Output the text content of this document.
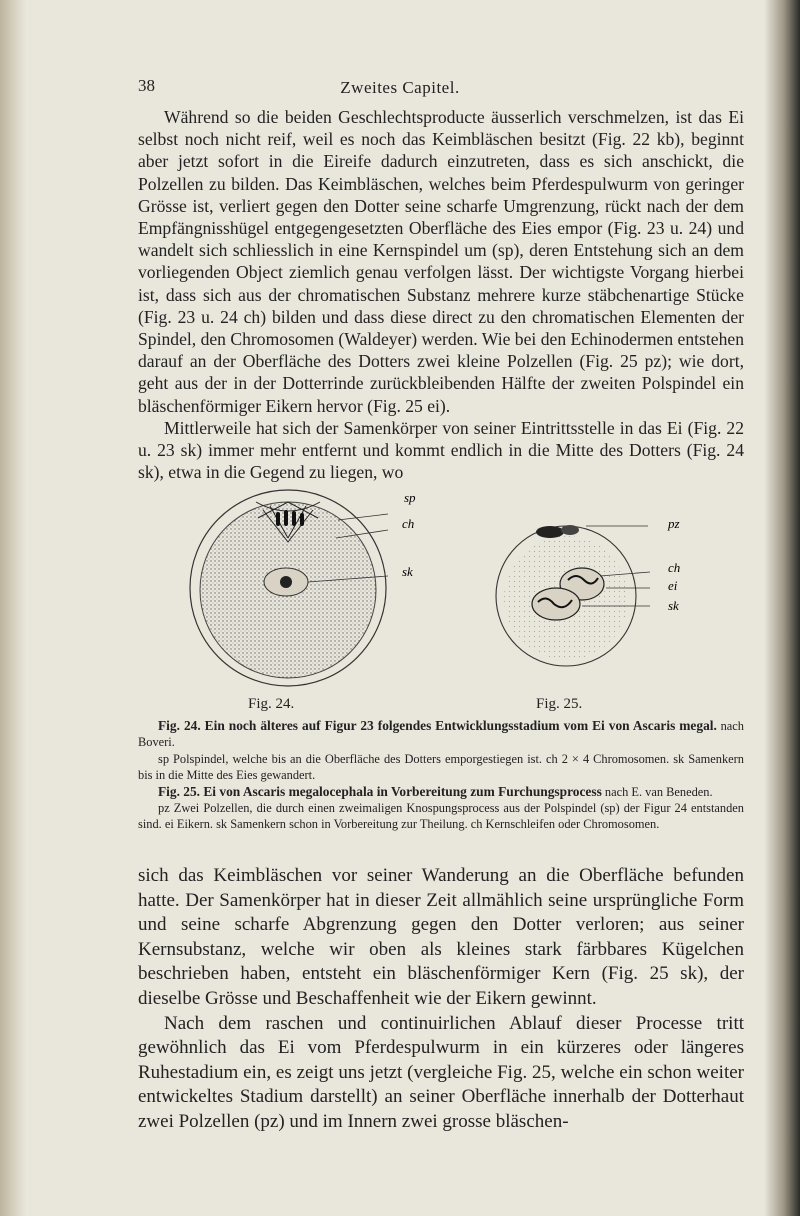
38	Zweites Capitel.

Während so die beiden Geschlechtsproducte äusserlich verschmelzen, ist das Ei selbst noch nicht reif, weil es noch das Keimbläschen besitzt (Fig. 22 kb), beginnt aber jetzt sofort in die Eireife dadurch einzutreten, dass es sich anschickt, die Polzellen zu bilden. Das Keimbläschen, welches beim Pferdespulwurm von geringer Grösse ist, verliert gegen den Dotter seine scharfe Umgrenzung, rückt nach der dem Empfängnisshügel entgegengesetzten Oberfläche des Eies empor (Fig. 23 u. 24) und wandelt sich schliesslich in eine Kernspindel um (sp), deren Entstehung sich an dem vorliegenden Object ziemlich genau verfolgen lässt. Der wichtigste Vorgang hierbei ist, dass sich aus der chromatischen Substanz mehrere kurze stäbchenartige Stücke (Fig. 23 u. 24 ch) bilden und dass diese direct zu den chromatischen Elementen der Spindel, den Chromosomen (Waldeyer) werden. Wie bei den Echinodermen entstehen darauf an der Oberfläche des Dotters zwei kleine Polzellen (Fig. 25 pz); wie dort, geht aus der in der Dotterrinde zurückbleibenden Hälfte der zweiten Polspindel ein bläschenförmiger Eikern hervor (Fig. 25 ei).

Mittlerweile hat sich der Samenkörper von seiner Eintrittsstelle in das Ei (Fig. 22 u. 23 sk) immer mehr entfernt und kommt endlich in die Mitte des Dotters (Fig. 24 sk), etwa in die Gegend zu liegen, wo

sp
ch
sk
pz
ch
ei
sk
Fig. 24.	Fig. 25.

Fig. 24. Ein noch älteres auf Figur 23 folgendes Entwicklungsstadium vom Ei von Ascaris megal. nach Boveri.

sp Polspindel, welche bis an die Oberfläche des Dotters emporgestiegen ist. ch 2 × 4 Chromosomen. sk Samenkern bis in die Mitte des Eies gewandert.

Fig. 25. Ei von Ascaris megalocephala in Vorbereitung zum Furchungsprocess nach E. van Beneden.

pz Zwei Polzellen, die durch einen zweimaligen Knospungsprocess aus der Polspindel (sp) der Figur 24 entstanden sind. ei Eikern. sk Samenkern schon in Vorbereitung zur Theilung. ch Kernschleifen oder Chromosomen.

sich das Keimbläschen vor seiner Wanderung an die Oberfläche befunden hatte. Der Samenkörper hat in dieser Zeit allmählich seine ursprüngliche Form und seine scharfe Abgrenzung gegen den Dotter verloren; aus seiner Kernsubstanz, welche wir oben als kleines stark färbbares Kügelchen beschrieben haben, entsteht ein bläschenförmiger Kern (Fig. 25 sk), der dieselbe Grösse und Beschaffenheit wie der Eikern gewinnt.

Nach dem raschen und continuirlichen Ablauf dieser Processe tritt gewöhnlich das Ei vom Pferdespulwurm in ein kürzeres oder längeres Ruhestadium ein, es zeigt uns jetzt (vergleiche Fig. 25, welche ein schon weiter entwickeltes Stadium darstellt) an seiner Oberfläche innerhalb der Dotterhaut zwei Polzellen (pz) und im Innern zwei grosse bläschen-
